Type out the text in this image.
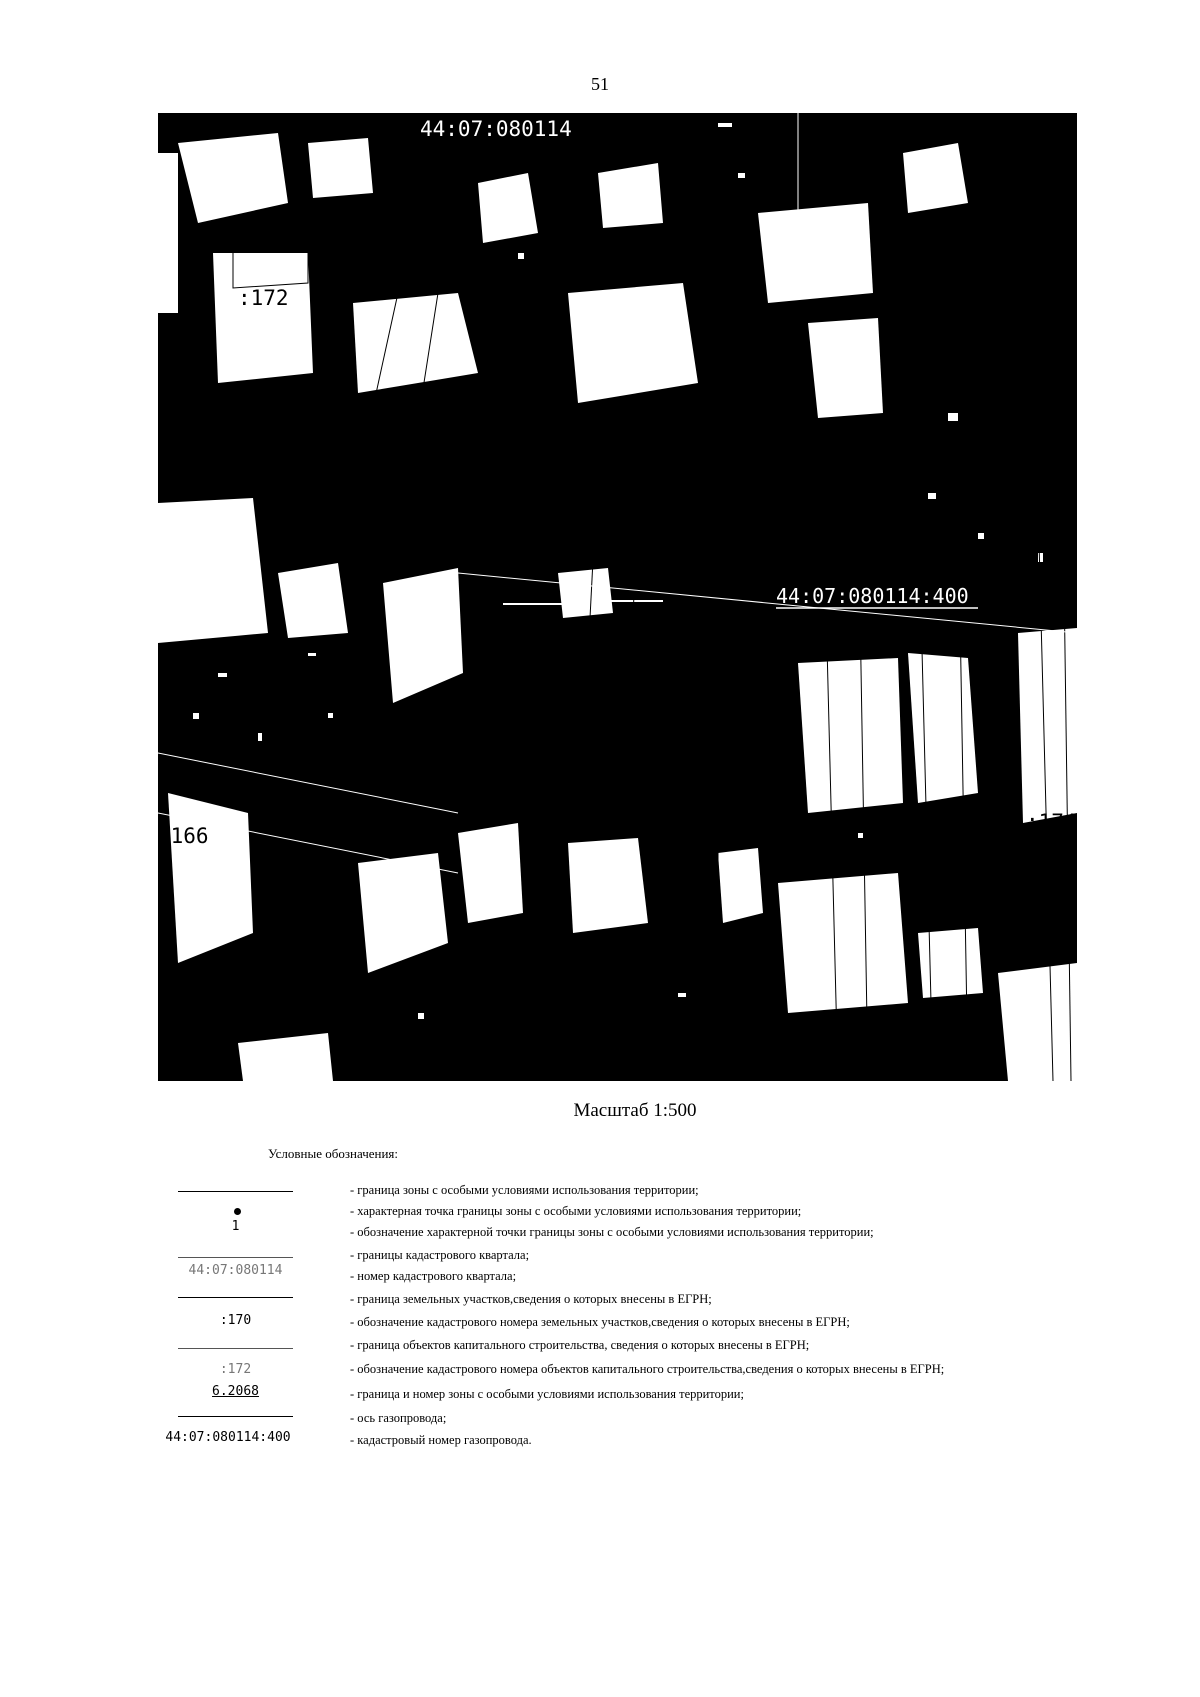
51
44:07:080114
:172
8
10 11	12
6.2
2
44:07:080114:400
:166
:174
Масштаб 1:500
Условные обозначения:
- граница зоны с особыми условиями использования территории;
- характерная точка границы зоны с особыми условиями использования территории;
1	- обозначение характерной точки границы зоны с особыми условиями использования территории;
- границы кадастрового квартала;
44:07:080114	- номер кадастрового квартала;
- граница земельных участков,сведения о которых внесены в ЕГРН;
:170	- обозначение кадастрового номера земельных участков,сведения о которых внесены в ЕГРН;
- граница объектов капитального строительства, сведения о которых внесены в ЕГРН;
:172	- обозначение кадастрового номера объектов капитального строительства,сведения о которых внесены в ЕГРН;
6.2068	- граница и номер зоны с особыми условиями использования территории;
- ось газопровода;
44:07:080114:400	- кадастровый номер газопровода.
